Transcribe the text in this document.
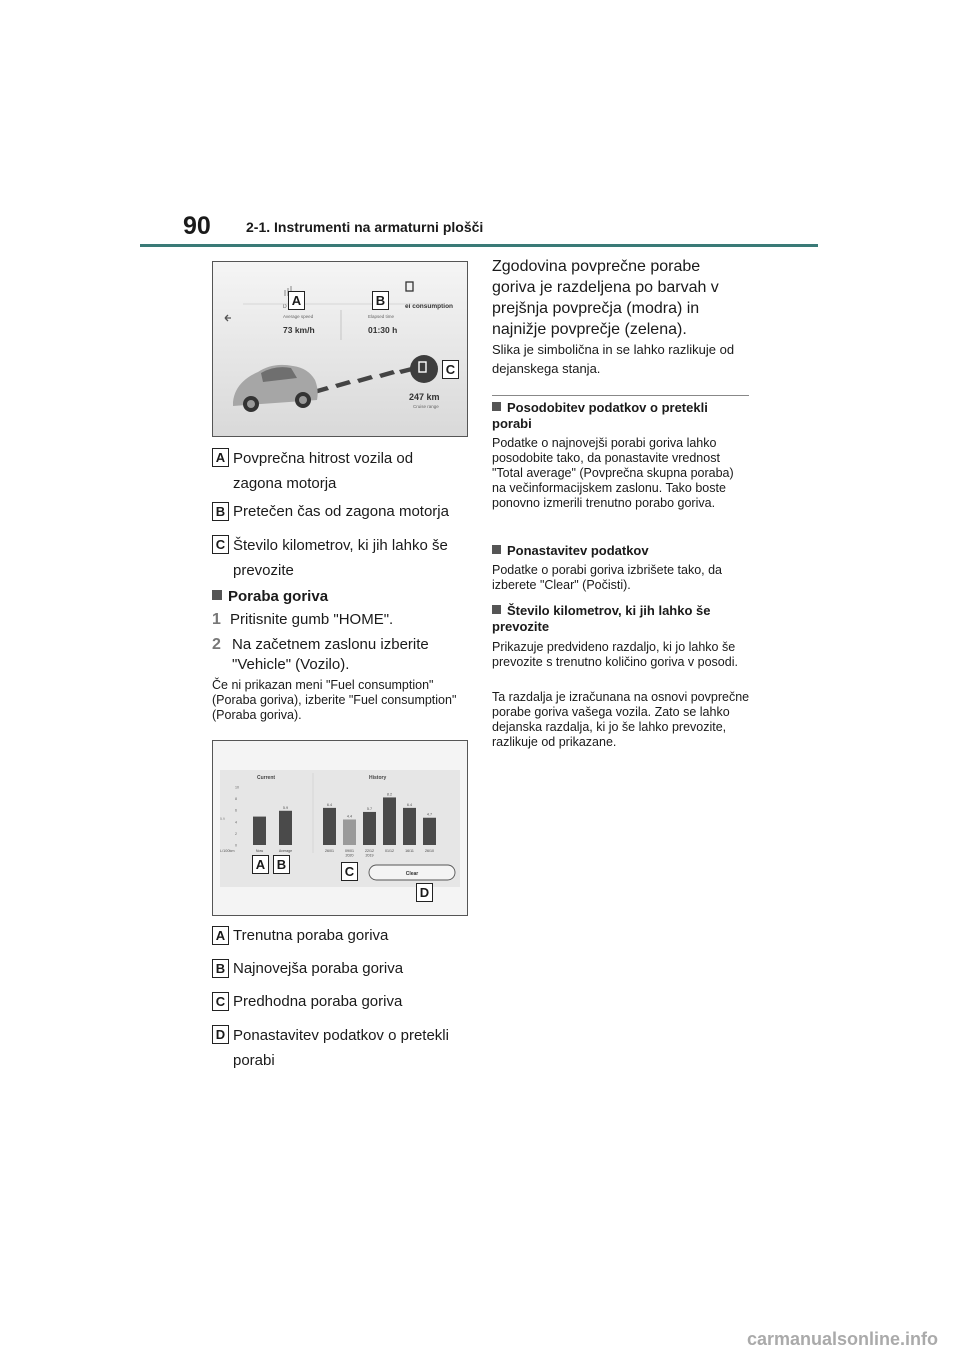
90	2-1. Instrumenti na armaturni plošči
D	el consumption
Average speed
73 km/h
Elapsed time
01:30 h
247 km
Cruise range
A	B
C
A Povprečna hitrost vozila od zagona motorja
B Pretečen čas od zagona motorja
C Število kilometrov, ki jih lahko še prevozite
Poraba goriva
1 Pritisnite gumb "HOME".
2 Na začetnem zaslonu izberite "Vehicle" (Vozilo).
Če ni prikazan meni "Fuel consumption" (Poraba goriva), izberite "Fuel consumption" (Poraba goriva).
Current	History
L/100km
5.9
10
8
6
4
2
0
Now
5.9
Average
6.4
26/01
4.4
09/01
2020
5.7
22/12
2019
8.2
01/12
6.4
16/11
4.7
26/10
Clear
A B	C
D
A Trenutna poraba goriva
B Najnovejša poraba goriva
C Predhodna poraba goriva
D Ponastavitev podatkov o pretekli porabi
Zgodovina povprečne porabe goriva je razdeljena po barvah v prejšnja povprečja (modra) in najnižje povprečje (zelena).
Slika je simbolična in se lahko razlikuje od dejanskega stanja.
Posodobitev podatkov o pretekli porabi
Podatke o najnovejši porabi goriva lahko posodobite tako, da ponastavite vrednost "Total average" (Povprečna skupna poraba) na večinformacijskem zaslonu. Tako boste ponovno izmerili trenutno porabo goriva.
Ponastavitev podatkov
Podatke o porabi goriva izbrišete tako, da izberete "Clear" (Počisti).
Število kilometrov, ki jih lahko še prevozite
Prikazuje predvideno razdaljo, ki jo lahko še prevozite s trenutno količino goriva v posodi.
Ta razdalja je izračunana na osnovi povprečne porabe goriva vašega vozila. Zato se lahko dejanska razdalja, ki jo še lahko prevozite, razlikuje od prikazane.
carmanualsonline.info
